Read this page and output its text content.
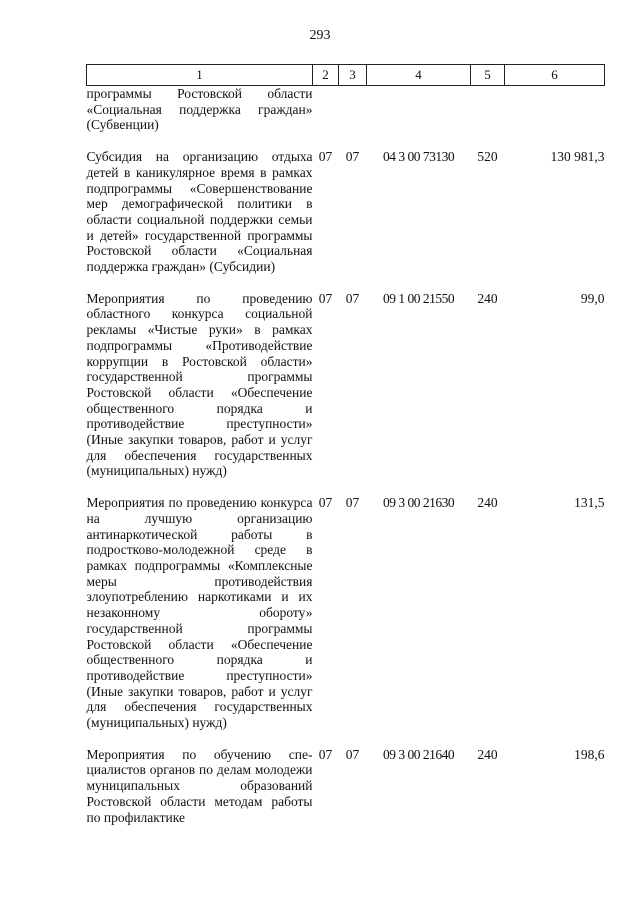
293
1	2	3	4	5	6
программы Ростовской области «Социальная поддержка граждан» (Субвенции)					
Субсидия на организацию отдыха детей в каникулярное время в рамках подпрограммы «Совершенствование мер демографической политики в области социальной поддержки семьи и детей» государственной программы Ростовской области «Социальная поддержка граждан» (Субсидии)	07	07	04 3 00 73130	520	130 981,3
Мероприятия по проведению областного конкурса социальной рекламы «Чистые руки» в рамках подпрограммы «Противодействие коррупции в Ростовской области» государственной программы Ростовской области «Обеспечение общественного порядка и противодействие преступности» (Иные закупки товаров, работ и услуг для обеспечения государственных (муниципальных) нужд)	07	07	09 1 00 21550	240	99,0
Мероприятия по проведению конкурса на лучшую организацию антинаркотической работы в подростково-молодежной среде в рамках подпрограммы «Комплексные меры противодействия злоупотреблению наркотиками и их незаконному обороту» государственной программы Ростовской области «Обеспечение общественного порядка и противодействие преступности» (Иные закупки товаров, работ и услуг для обеспечения государственных (муниципальных) нужд)	07	07	09 3 00 21630	240	131,5
Мероприятия по обучению специалистов органов по делам молодежи муниципальных образований Ростовской области методам работы по профилактике	07	07	09 3 00 21640	240	198,6
